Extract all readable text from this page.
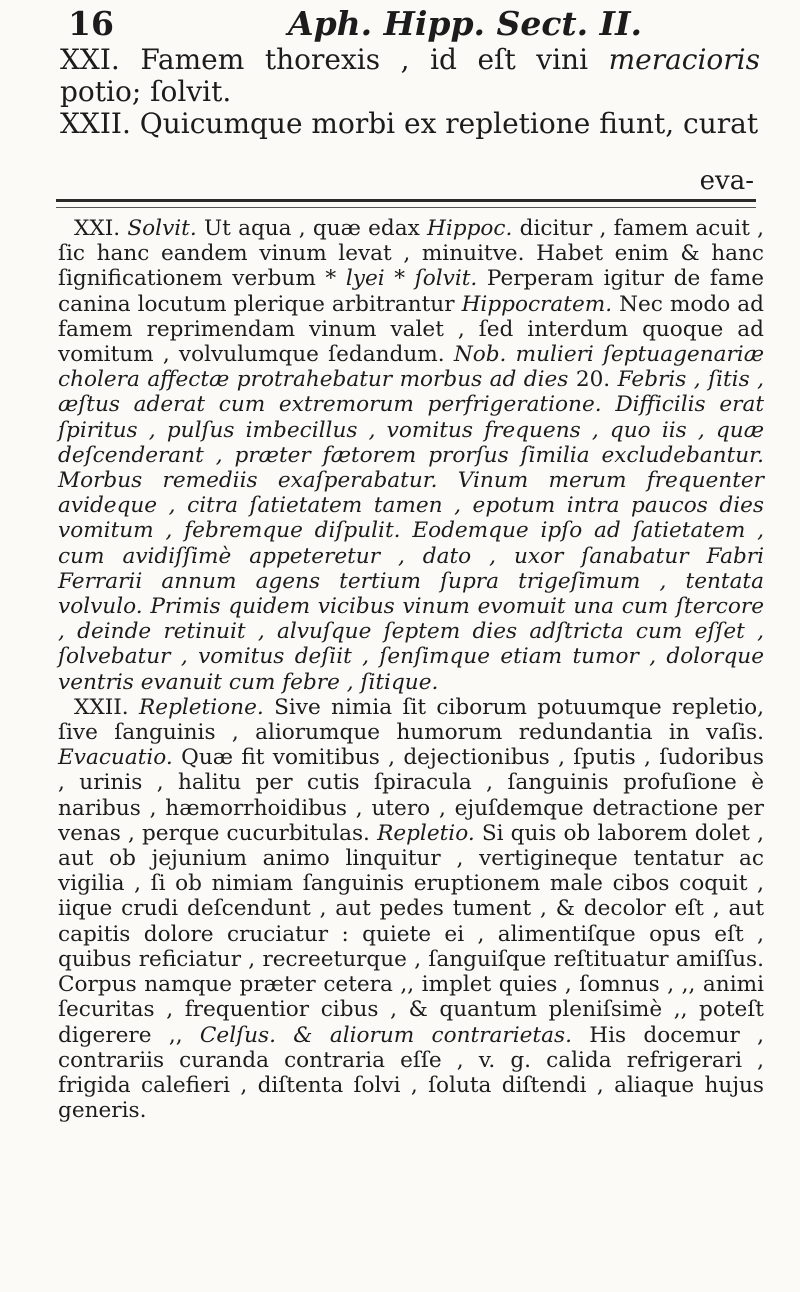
16	Aph. Hipp. Sect. II.

XXI. Famem thorexis , id eſt vini meracioris potio; ſolvit.

XXII. Quicumque morbi ex repletione fiunt, curat

eva-

XXI. Solvit. Ut aqua , quæ edax Hippoc. dicitur , famem acuit , ſic hanc eandem vinum levat , minuitve. Habet enim & hanc ſignificationem verbum * lyei * ſolvit. Perperam igitur de fame canina locutum plerique arbitrantur Hippocratem. Nec modo ad famem reprimendam vinum valet , ſed interdum quoque ad vomitum , volvulumque ſedandum. Nob. mulieri ſeptuagenariæ cholera affectæ protrahebatur morbus ad dies 20. Febris , ſitis , æſtus aderat cum extremorum perfrigeratione. Difficilis erat ſpiritus , pulſus imbecillus , vomitus frequens , quo iis , quæ deſcenderant , præter fætorem prorſus ſimilia excludebantur. Morbus remediis exaſperabatur. Vinum merum frequenter avideque , citra ſatietatem tamen , epotum intra paucos dies vomitum , febremque diſpulit. Eodemque ipſo ad ſatietatem , cum avidiſſimè appeteretur , dato , uxor ſanabatur Fabri Ferrarii annum agens tertium ſupra trigeſimum , tentata volvulo. Primis quidem vicibus vinum evomuit una cum ſtercore , deinde retinuit , alvuſque ſeptem dies adſtricta cum eſſet , ſolvebatur , vomitus deſiit , ſenſimque etiam tumor , dolorque ventris evanuit cum febre , ſitique.

XXII. Repletione. Sive nimia ſit ciborum potuumque repletio, ſive ſanguinis , aliorumque humorum redundantia in vaſis. Evacuatio. Quæ fit vomitibus , dejectionibus , ſputis , ſudoribus , urinis , halitu per cutis ſpiracula , ſanguinis profuſione è naribus , hæmorrhoidibus , utero , ejuſdemque detractione per venas , perque cucurbitulas. Repletio. Si quis ob laborem dolet , aut ob jejunium animo linquitur , vertigineque tentatur ac vigilia , ſi ob nimiam ſanguinis eruptionem male cibos coquit , iique crudi deſcendunt , aut pedes tument , & decolor eſt , aut capitis dolore cruciatur : quiete ei , alimentiſque opus eſt , quibus reficiatur , recreeturque , ſanguiſque reſtituatur amiſſus. Corpus namque præter cetera ,, implet quies , ſomnus , ,, animi ſecuritas , frequentior cibus , & quantum pleniſsimè ,, poteſt digerere ,, Celſus. & aliorum contrarietas. His docemur , contrariis curanda contraria eſſe , v. g. calida refrigerari , frigida calefieri , diſtenta ſolvi , ſoluta diſtendi , aliaque hujus generis.
